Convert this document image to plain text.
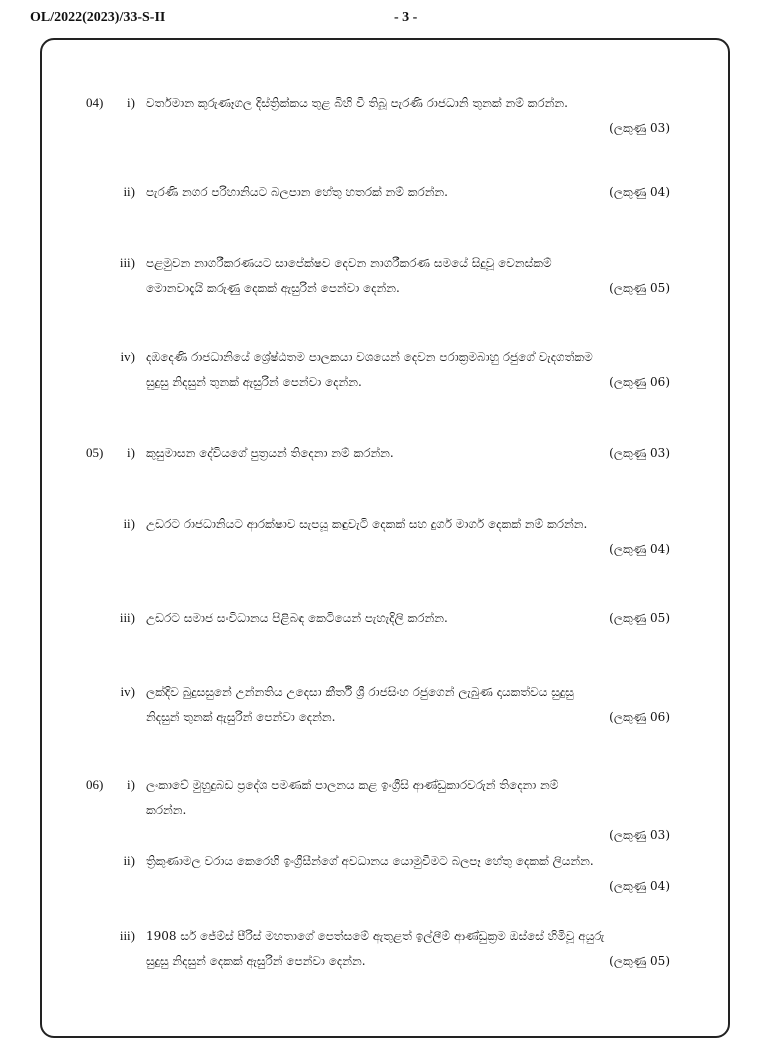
OL/2022(2023)/33-S-II	- 3 -
04)	i) වර්තමාන කුරුණෑගල දිස්ත්‍රික්කය තුළ බිහි වී තිබූ පැරණි රාජධානි තුනක් නම් කරන්න.
(ලකුණු 03)
ii) පැරණි නගර පරිහානියට බලපාන හේතු හතරක් නම් කරන්න.	(ලකුණු 04)
iii) පළමුවන නාගරීකරණයට සාපේක්ෂව දෙවන නාගරීකරණ සමයේ සිදුවූ වෙනස්කම්
මොනවාදැයි කරුණු දෙකක් ඇසුරින් පෙන්වා දෙන්න.	(ලකුණු 05)
iv) දඹදෙණි රාජධානියේ ශ්‍රේෂ්ඨතම පාලකයා වශයෙන් දෙවන පරාක්‍රමබාහු රජුගේ වැදගත්කම
සුදුසු නිදසුන් තුනක් ඇසුරින් පෙන්වා දෙන්න.	(ලකුණු 06)
05)	i) කුසුමාසන දේවියගේ පුත්‍රයන් තිදෙනා නම් කරන්න.	(ලකුණු 03)
ii) උඩරට රාජධානියට ආරක්ෂාව සැපයූ කඳුවැටි දෙකක් සහ දුර්ග මාර්ග දෙකක් නම් කරන්න.
(ලකුණු 04)
iii) උඩරට සමාජ සංවිධානය පිළිබඳ කෙටියෙන් පැහැදිලි කරන්න.	(ලකුණු 05)
iv) ලක්දිව බුදුසසුනේ උන්නතිය උදෙසා කීර්ති ශ්‍රී රාජසිංහ රජුගෙන් ලැබුණ දායකත්වය සුදුසු
නිදසුන් තුනක් ඇසුරින් පෙන්වා දෙන්න.	(ලකුණු 06)
06)	i) ලංකාවේ මුහුදුබඩ ප්‍රදේශ පමණක් පාලනය කළ ඉංග්‍රීසි ආණ්ඩුකාරවරුන් තිදෙනා නම්
කරන්න.
(ලකුණු 03)
ii) ත්‍රිකුණාමල වරාය කෙරෙහි ඉංග්‍රීසීන්ගේ අවධානය යොමුවීමට බලපෑ හේතු දෙකක් ලියන්න.
(ලකුණු 04)
iii) 1908 සර් ජේම්ස් පීරිස් මහතාගේ පෙත්සමේ ඇතුළත් ඉල්ලීම් ආණ්ඩුක්‍රම ඔස්සේ හිමිවූ අයුරු
සුදුසු නිදසුන් දෙකක් ඇසුරින් පෙන්වා දෙන්න.	(ලකුණු 05)
